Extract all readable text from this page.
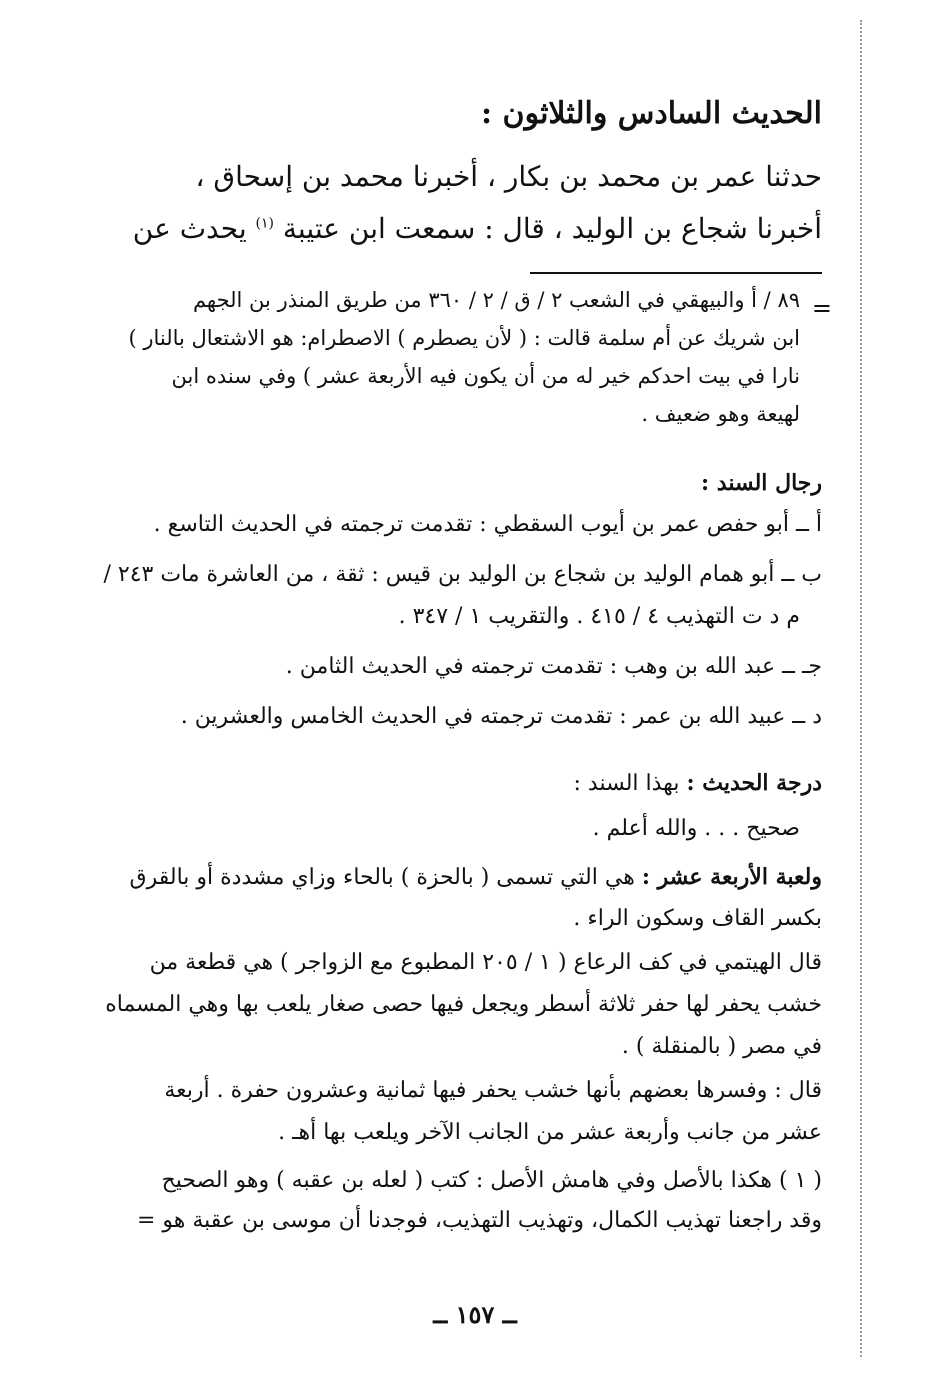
الحديث السادس والثلاثون :
حدثنا عمر بن محمد بن بكار ، أخبرنا محمد بن إسحاق ،
أخبرنا شجاع بن الوليد ، قال : سمعت ابن عتيبة $^{(١)}$ يحدث عن
=
٨٩ / أ والبيهقي في الشعب ٢ / ق / ٢ / ٣٦٠ من طريق المنذر بن الجهم
ابن شريك عن أم سلمة قالت : ( لأن يصطرم ) الاصطرام: هو الاشتعال بالنار )
نارا في بيت احدكم خير له من أن يكون فيه الأربعة عشر ) وفي سنده ابن
لهيعة وهو ضعيف .
رجال السند :
أ ــ أبو حفص عمر بن أيوب السقطي : تقدمت ترجمته في الحديث التاسع .
ب ــ أبو همام الوليد بن شجاع بن الوليد بن قيس : ثقة ، من العاشرة مات ٢٤٣ /
م د ت التهذيب ٤ / ٤١٥ . والتقريب ١ / ٣٤٧ .
جـ ــ عبد الله بن وهب : تقدمت ترجمته في الحديث الثامن .
د ــ عبيد الله بن عمر : تقدمت ترجمته في الحديث الخامس والعشرين .
درجة الحديث : بهذا السند :
صحيح . . . والله أعلم .
ولعبة الأربعة عشر : هي التي تسمى ( بالحزة ) بالحاء وزاي مشددة أو بالقرق
بكسر القاف وسكون الراء .
قال الهيتمي في كف الرعاع ( ١ / ٢٠٥ المطبوع مع الزواجر ) هي قطعة من
خشب يحفر لها حفر ثلاثة أسطر ويجعل فيها حصى صغار يلعب بها وهي المسماه
في مصر ( بالمنقلة ) .
قال : وفسرها بعضهم بأنها خشب يحفر فيها ثمانية وعشرون حفرة . أربعة
عشر من جانب وأربعة عشر من الجانب الآخر ويلعب بها أهـ .
( ١ ) هكذا بالأصل وفي هامش الأصل : كتب ( لعله بن عقبه ) وهو الصحيح
وقد راجعنا تهذيب الكمال، وتهذيب التهذيب، فوجدنا أن موسى بن عقبة هو =
ــ ١٥٧ ــ
